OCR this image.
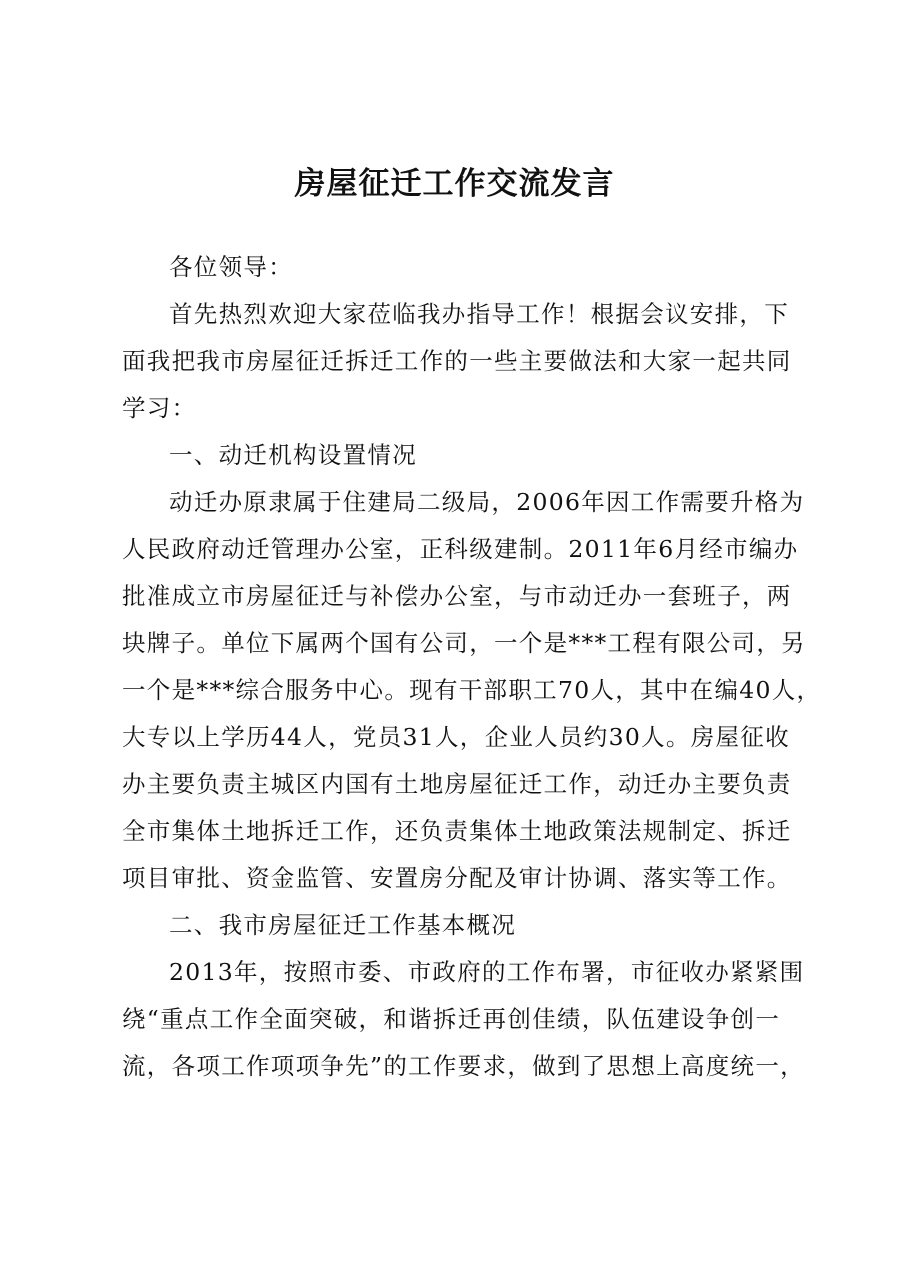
房屋征迁工作交流发言

各位领导：

首先热烈欢迎大家莅临我办指导工作！根据会议安排，下
面我把我市房屋征迁拆迁工作的一些主要做法和大家一起共同
学习：

一、动迁机构设置情况

动迁办原隶属于住建局二级局，2006年因工作需要升格为
人民政府动迁管理办公室，正科级建制。2011年6月经市编办
批准成立市房屋征迁与补偿办公室，与市动迁办一套班子，两
块牌子。单位下属两个国有公司，一个是***工程有限公司，另
一个是***综合服务中心。现有干部职工70人，其中在编40人，
大专以上学历44人，党员31人，企业人员约30人。房屋征收
办主要负责主城区内国有土地房屋征迁工作，动迁办主要负责
全市集体土地拆迁工作，还负责集体土地政策法规制定、拆迁
项目审批、资金监管、安置房分配及审计协调、落实等工作。

二、我市房屋征迁工作基本概况

2013年，按照市委、市政府的工作布署，市征收办紧紧围
绕“重点工作全面突破，和谐拆迁再创佳绩，队伍建设争创一
流，各项工作项项争先”的工作要求，做到了思想上高度统一，
